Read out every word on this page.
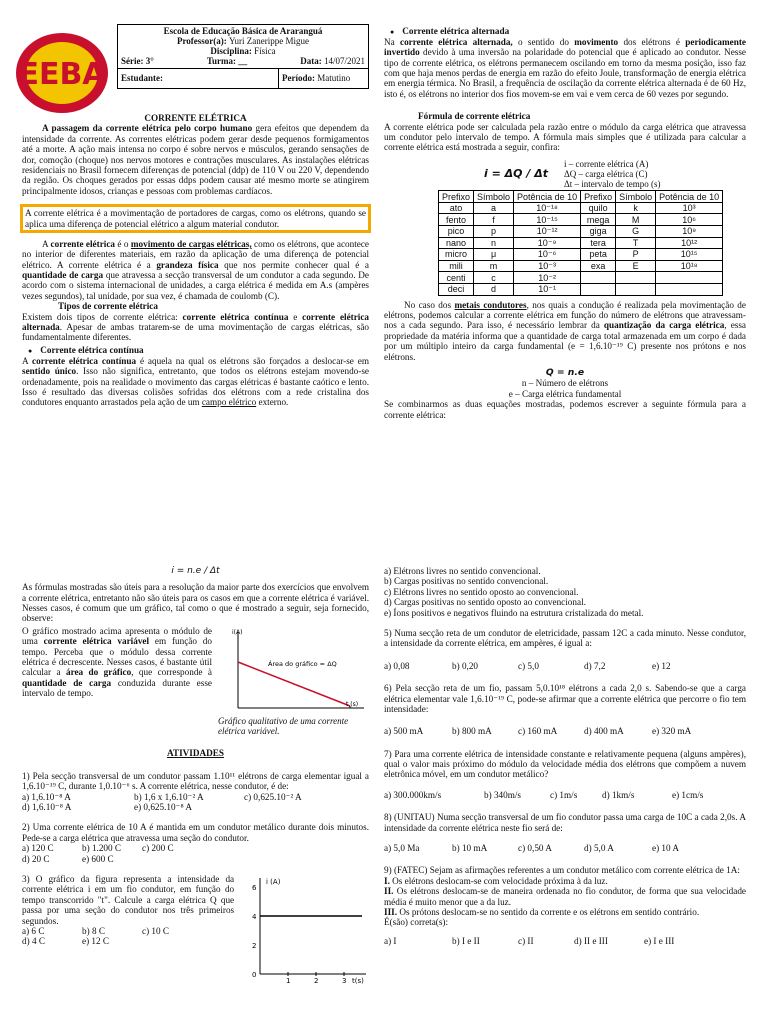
EEBA
Escola de Educação Básica de Araranguá
Professor(a): Yuri Zanerippe Migue
Disciplina: Física
Série: 3°	Turma: __	Data: 14/07/2021

Estudante:	Período: Matutino
CORRENTE ELÉTRICA

A passagem da corrente elétrica pelo corpo humano gera efeitos que dependem da intensidade da corrente. As correntes elétricas podem gerar desde pequenos formigamentos até a morte. A ação mais intensa no corpo é sobre nervos e músculos, gerando sensações de dor, comoção (choque) nos nervos motores e contrações musculares. As instalações elétricas residenciais no Brasil fornecem diferenças de potencial (ddp) de 110 V ou 220 V, dependendo da região. Os choques gerados por essas ddps podem causar até mesmo morte se atingirem principalmente idosos, crianças e pessoas com problemas cardíacos.

A corrente elétrica é a movimentação de portadores de cargas, como os elétrons, quando se aplica uma diferença de potencial elétrico a algum material condutor.

A corrente elétrica é o movimento de cargas elétricas, como os elétrons, que acontece no interior de diferentes materiais, em razão da aplicação de uma diferença de potencial elétrico. A corrente elétrica é a grandeza física que nos permite conhecer qual é a quantidade de carga que atravessa a secção transversal de um condutor a cada segundo. De acordo com o sistema internacional de unidades, a carga elétrica é medida em A.s (ampères vezes segundos), tal unidade, por sua vez, é chamada de coulomb (C).

Tipos de corrente elétrica

Existem dois tipos de corrente elétrica: corrente elétrica contínua e corrente elétrica alternada. Apesar de ambas tratarem-se de uma movimentação de cargas elétricas, são fundamentalmente diferentes.

● Corrente elétrica contínua

A corrente elétrica contínua é aquela na qual os elétrons são forçados a deslocar-se em sentido único. Isso não significa, entretanto, que todos os elétrons estejam movendo-se ordenadamente, pois na realidade o movimento das cargas elétricas é bastante caótico e lento. Isso é resultado das diversas colisões sofridas dos elétrons com a rede cristalina dos condutores enquanto arrastados pela ação de um campo elétrico externo.

● Corrente elétrica alternada

Na corrente elétrica alternada, o sentido do movimento dos elétrons é periodicamente invertido devido à uma inversão na polaridade do potencial que é aplicado ao condutor. Nesse tipo de corrente elétrica, os elétrons permanecem oscilando em torno da mesma posição, isso faz com que haja menos perdas de energia em razão do efeito Joule, transformação de energia elétrica em energia térmica. No Brasil, a frequência de oscilação da corrente elétrica alternada é de 60 Hz, isto é, os elétrons no interior dos fios movem-se em vai e vem cerca de 60 vezes por segundo.

Fórmula de corrente elétrica

A corrente elétrica pode ser calculada pela razão entre o módulo da carga elétrica que atravessa um condutor pelo intervalo de tempo. A fórmula mais simples que é utilizada para calcular a corrente elétrica está mostrada a seguir, confira:

i = ΔQ / Δt
i – corrente elétrica (A)
ΔQ – carga elétrica (C)
Δt – intervalo de tempo (s)
Prefixo	Símbolo	Potência de 10	Prefixo	Símbolo	Potência de 10
ato	a	10⁻¹⁸	quilo	k	10³
fento	f	10⁻¹⁵	mega	M	10⁶
pico	p	10⁻¹²	giga	G	10⁹
nano	n	10⁻⁹	tera	T	10¹²
micro	μ	10⁻⁶	peta	P	10¹⁵
mili	m	10⁻³	exa	E	10¹⁸
centi	c	10⁻²			
deci	d	10⁻¹			

No caso dos metais condutores, nos quais a condução é realizada pela movimentação de elétrons, podemos calcular a corrente elétrica em função do número de elétrons que atravessam-nos a cada segundo. Para isso, é necessário lembrar da quantização da carga elétrica, essa propriedade da matéria informa que a quantidade de carga total armazenada em um corpo é dada por um múltiplo inteiro da carga fundamental (e = 1,6.10⁻¹⁹ C) presente nos prótons e nos elétrons.

Q = n.e
n – Número de elétrons
e – Carga elétrica fundamental

Se combinarmos as duas equações mostradas, podemos escrever a seguinte fórmula para a corrente elétrica:

i = n.e / Δt

As fórmulas mostradas são úteis para a resolução da maior parte dos exercícios que envolvem a corrente elétrica, entretanto não são úteis para os casos em que a corrente elétrica é variável. Nesses casos, é comum que um gráfico, tal como o que é mostrado a seguir, seja fornecido, observe:

O gráfico mostrado acima apresenta o módulo de uma corrente elétrica variável em função do tempo. Perceba que o módulo dessa corrente elétrica é decrescente. Nesses casos, é bastante útil calcular a área do gráfico, que corresponde à quantidade de carga conduzida durante esse intervalo de tempo.

i(A)
t (s)
Área do gráfico = ΔQ
Gráfico qualitativo de uma corrente elétrica variável.
ATIVIDADES

1) Pela secção transversal de um condutor passam 1.10¹¹ elétrons de carga elementar igual a 1,6.10⁻¹⁹ C, durante 1,0.10⁻⁶ s. A corrente elétrica, nesse condutor, é de:

a) 1,6.10⁻⁸ A	b) 1,6 x 1,6.10⁻² A	c) 0,625.10⁻² A
d) 1,6.10⁻⁸ A	e) 0,625.10⁻⁸ A

2) Uma corrente elétrica de 10 A é mantida em um condutor metálico durante dois minutos. Pede-se a carga elétrica que atravessa uma seção do condutor.

a) 120 C	b) 1.200 C	c) 200 C
d) 20 C	e) 600 C

3) O gráfico da figura representa a intensidade da corrente elétrica i em um fio condutor, em função do tempo transcorrido "t". Calcule a carga elétrica Q que passa por uma seção do condutor nos três primeiros segundos.

a) 6 C	b) 8 C	c) 10 C
d) 4 C	e) 12 C
i (A)
t(s)
6
4
2
0
1	2	3
a) Elétrons livres no sentido convencional.
b) Cargas positivas no sentido convencional.
c) Elétrons livres no sentido oposto ao convencional.
d) Cargas positivas no sentido oposto ao convencional.
e) Íons positivos e negativos fluindo na estrutura cristalizada do metal.

5) Numa secção reta de um condutor de eletricidade, passam 12C a cada minuto. Nesse condutor, a intensidade da corrente elétrica, em ampères, é igual a:

a) 0,08	b) 0,20	c) 5,0	d) 7,2	e) 12

6) Pela secção reta de um fio, passam 5,0.10¹⁸ elétrons a cada 2,0 s. Sabendo-se que a carga elétrica elementar vale 1,6.10⁻¹⁹ C, pode-se afirmar que a corrente elétrica que percorre o fio tem intensidade:

a) 500 mA	b) 800 mA	c) 160 mA	d) 400 mA	e) 320 mA

7) Para uma corrente elétrica de intensidade constante e relativamente pequena (alguns ampères), qual o valor mais próximo do módulo da velocidade média dos elétrons que compõem a nuvem eletrônica móvel, em um condutor metálico?

a) 300.000km/s	b) 340m/s	c) 1m/s	d) 1km/s	e) 1cm/s

8) (UNITAU) Numa secção transversal de um fio condutor passa uma carga de 10C a cada 2,0s. A intensidade da corrente elétrica neste fio será de:

a) 5,0 Ma	b) 10 mA	c) 0,50 A	d) 5,0 A	e) 10 A

9) (FATEC) Sejam as afirmações referentes a um condutor metálico com corrente elétrica de 1A:

I. Os elétrons deslocam-se com velocidade próxima à da luz.

II. Os elétrons deslocam-se de maneira ordenada no fio condutor, de forma que sua velocidade média é muito menor que a da luz.

III. Os prótons deslocam-se no sentido da corrente e os elétrons em sentido contrário.

É(são) correta(s):
a) I	b) I e II	c) II	d) II e III	e) I e III
